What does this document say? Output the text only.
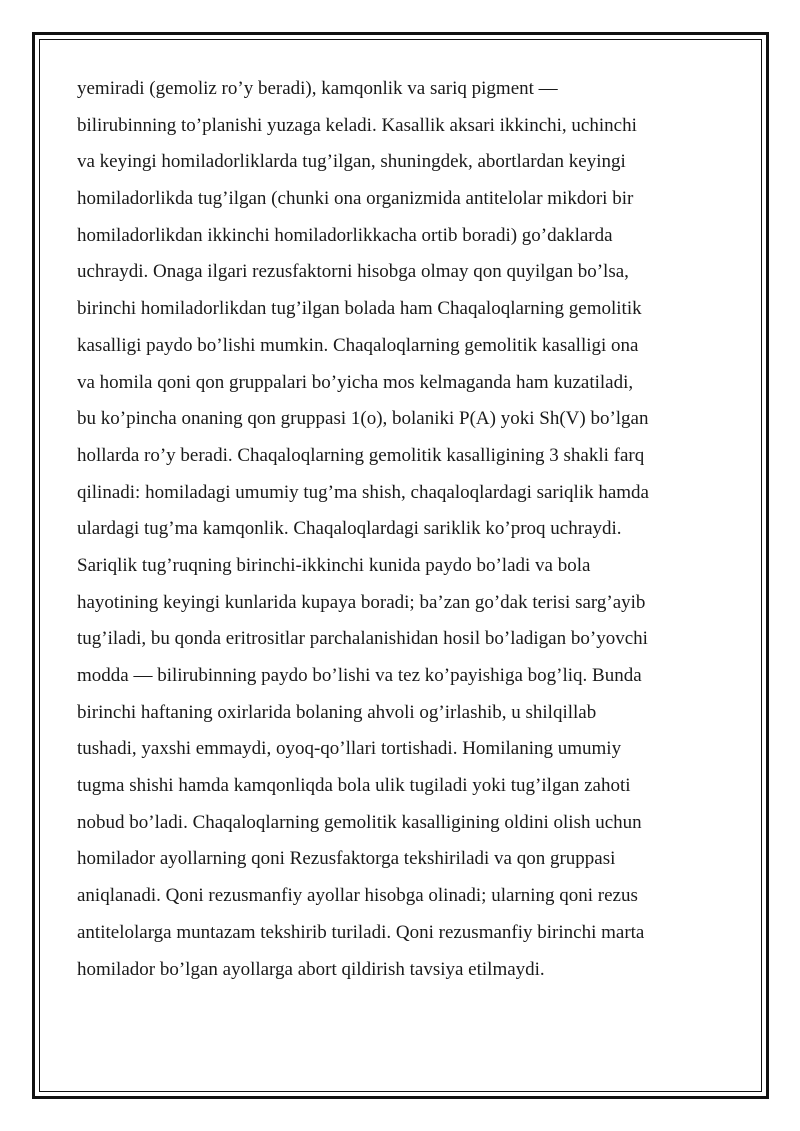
yemiradi (gemoliz ro’y beradi), kamqonlik va sariq pigment —
bilirubinning to’planishi yuzaga keladi. Kasallik aksari ikkinchi, uchinchi
va keyingi homiladorliklarda tug’ilgan, shuningdek, abortlardan keyingi
homiladorlikda tug’ilgan (chunki ona organizmida antitelolar mikdori bir
homiladorlikdan ikkinchi homiladorlikkacha ortib boradi) go’daklarda
uchraydi. Onaga ilgari rezusfaktorni hisobga olmay qon quyilgan bo’lsa,
birinchi homiladorlikdan tug’ilgan bolada ham Chaqaloqlarning gemolitik
kasalligi paydo bo’lishi mumkin. Chaqaloqlarning gemolitik kasalligi ona
va homila qoni qon gruppalari bo’yicha mos kelmaganda ham kuzatiladi,
bu ko’pincha onaning qon gruppasi 1(o), bolaniki P(A) yoki Sh(V) bo’lgan
hollarda ro’y beradi. Chaqaloqlarning gemolitik kasalligining 3 shakli farq
qilinadi: homiladagi umumiy tug’ma shish, chaqaloqlardagi sariqlik hamda
ulardagi tug’ma kamqonlik. Chaqaloqlardagi sariklik ko’proq uchraydi.
Sariqlik tug’ruqning birinchi-ikkinchi kunida paydo bo’ladi va bola
hayotining keyingi kunlarida kupaya boradi; ba’zan go’dak terisi sarg’ayib
tug’iladi, bu qonda eritrositlar parchalanishidan hosil bo’ladigan bo’yovchi
modda — bilirubinning paydo bo’lishi va tez ko’payishiga bog’liq. Bunda
birinchi haftaning oxirlarida bolaning ahvoli og’irlashib, u shilqillab
tushadi, yaxshi emmaydi, oyoq-qo’llari tortishadi. Homilaning umumiy
tugma shishi hamda kamqonliqda bola ulik tugiladi yoki tug’ilgan zahoti
nobud bo’ladi. Chaqaloqlarning gemolitik kasalligining oldini olish uchun
homilador ayollarning qoni Rezusfaktorga tekshiriladi va qon gruppasi
aniqlanadi. Qoni rezusmanfiy ayollar hisobga olinadi; ularning qoni rezus
antitelolarga muntazam tekshirib turiladi. Qoni rezusmanfiy birinchi marta
homilador bo’lgan ayollarga abort qildirish tavsiya etilmaydi.
